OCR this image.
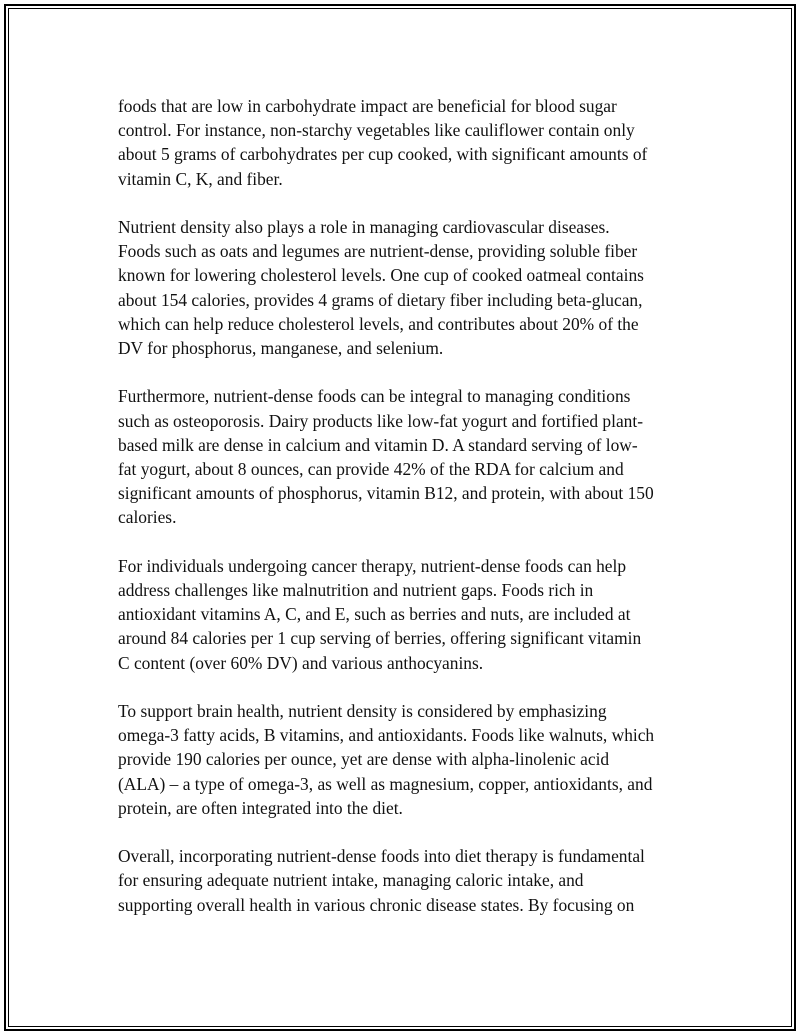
foods that are low in carbohydrate impact are beneficial for blood sugar
control. For instance, non-starchy vegetables like cauliflower contain only
about 5 grams of carbohydrates per cup cooked, with significant amounts of
vitamin C, K, and fiber.

Nutrient density also plays a role in managing cardiovascular diseases.
Foods such as oats and legumes are nutrient-dense, providing soluble fiber
known for lowering cholesterol levels. One cup of cooked oatmeal contains
about 154 calories, provides 4 grams of dietary fiber including beta-glucan,
which can help reduce cholesterol levels, and contributes about 20% of the
DV for phosphorus, manganese, and selenium.

Furthermore, nutrient-dense foods can be integral to managing conditions
such as osteoporosis. Dairy products like low-fat yogurt and fortified plant-
based milk are dense in calcium and vitamin D. A standard serving of low-
fat yogurt, about 8 ounces, can provide 42% of the RDA for calcium and
significant amounts of phosphorus, vitamin B12, and protein, with about 150
calories.

For individuals undergoing cancer therapy, nutrient-dense foods can help
address challenges like malnutrition and nutrient gaps. Foods rich in
antioxidant vitamins A, C, and E, such as berries and nuts, are included at
around 84 calories per 1 cup serving of berries, offering significant vitamin
C content (over 60% DV) and various anthocyanins.

To support brain health, nutrient density is considered by emphasizing
omega-3 fatty acids, B vitamins, and antioxidants. Foods like walnuts, which
provide 190 calories per ounce, yet are dense with alpha-linolenic acid
(ALA) – a type of omega-3, as well as magnesium, copper, antioxidants, and
protein, are often integrated into the diet.

Overall, incorporating nutrient-dense foods into diet therapy is fundamental
for ensuring adequate nutrient intake, managing caloric intake, and
supporting overall health in various chronic disease states. By focusing on
